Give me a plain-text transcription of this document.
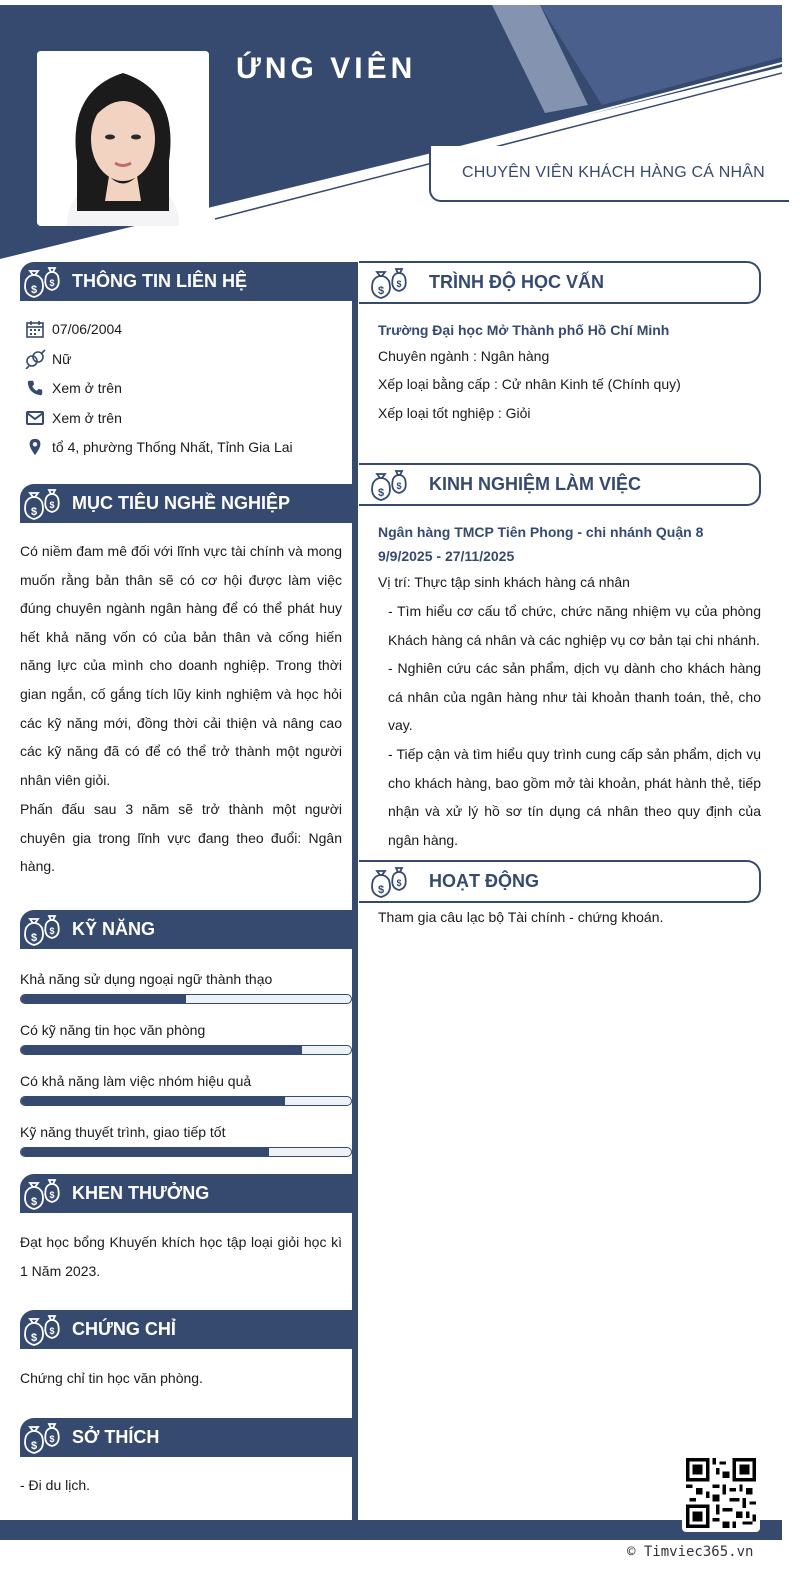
ỨNG VIÊN
CHUYÊN VIÊN KHÁCH HÀNG CÁ NHÂN
$
$ THÔNG TIN LIÊN HỆ
07/06/2004
Nữ
Xem ở trên
Xem ở trên
tổ 4, phường Thống Nhất, Tỉnh Gia Lai
$
$ MỤC TIÊU NGHỀ NGHIỆP
Có niềm đam mê đối với lĩnh vực tài chính và mong muốn rằng bản thân sẽ có cơ hội được làm việc đúng chuyên ngành ngân hàng để có thể phát huy hết khả năng vốn có của bản thân và cống hiến năng lực của mình cho doanh nghiệp. Trong thời gian ngắn, cố gắng tích lũy kinh nghiệm và học hỏi các kỹ năng mới, đồng thời cải thiện và nâng cao các kỹ năng đã có để có thể trở thành một người nhân viên giỏi.
Phấn đấu sau 3 năm sẽ trở thành một người chuyên gia trong lĩnh vực đang theo đuổi: Ngân hàng.
$
$ KỸ NĂNG
Khả năng sử dụng ngoại ngữ thành thạo
Có kỹ năng tin học văn phòng
Có khả năng làm việc nhóm hiệu quả
Kỹ năng thuyết trình, giao tiếp tốt
$
$ KHEN THƯỞNG
Đạt học bổng Khuyến khích học tập loại giỏi học kì 1 Năm 2023.
$
$ CHỨNG CHỈ
Chứng chỉ tin học văn phòng.
$
$ SỞ THÍCH
- Đi du lịch.
$
$ TRÌNH ĐỘ HỌC VẤN
Trường Đại học Mở Thành phố Hồ Chí Minh
Chuyên ngành : Ngân hàng
Xếp loại bằng cấp : Cử nhân Kinh tế (Chính quy)
Xếp loại tốt nghiệp : Giỏi
$
$ KINH NGHIỆM LÀM VIỆC
Ngân hàng TMCP Tiên Phong - chi nhánh Quận 8
9/9/2025 - 27/11/2025
Vị trí: Thực tập sinh khách hàng cá nhân
- Tìm hiểu cơ cấu tổ chức, chức năng nhiệm vụ của phòng Khách hàng cá nhân và các nghiệp vụ cơ bản tại chi nhánh.
- Nghiên cứu các sản phẩm, dịch vụ dành cho khách hàng cá nhân của ngân hàng như tài khoản thanh toán, thẻ, cho vay.
- Tiếp cận và tìm hiểu quy trình cung cấp sản phẩm, dịch vụ cho khách hàng, bao gồm mở tài khoản, phát hành thẻ, tiếp nhận và xử lý hồ sơ tín dụng cá nhân theo quy định của ngân hàng.
$
$ HOẠT ĐỘNG
Tham gia câu lạc bộ Tài chính - chứng khoán.
© Timviec365.vn
